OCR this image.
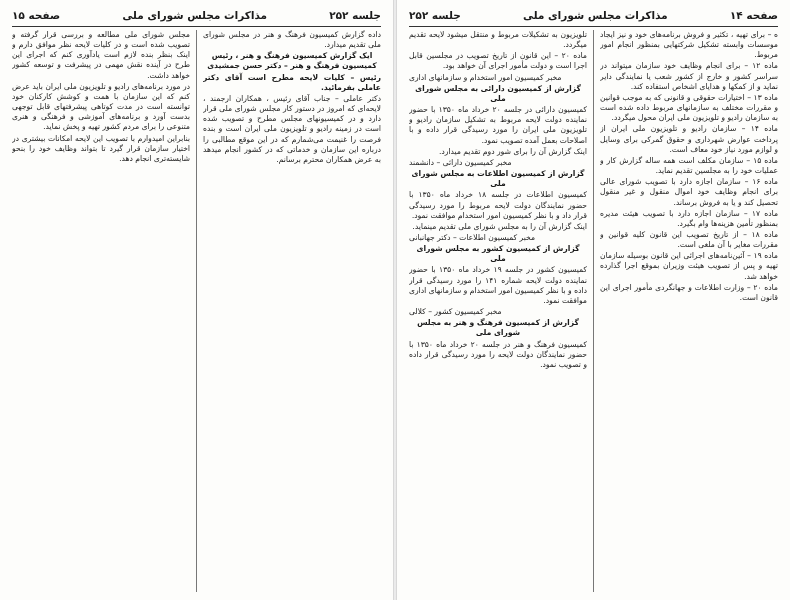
جلسه ۲۵۲
مذاکرات مجلس شورای ملی
صفحه ۱۵

داده گزارش کمیسیون فرهنگ و هنر در مجلس شورای ملی تقدیم میدارد.

ایک گزارش کمیسیون فرهنگ و هنر ، رئیس کمیسیون فرهنگ و هنر – دکتر حسن جمشیدی

رئیس – کلیات لایحه مطرح است آقای دکتر عاملی بفرمائید.

دکتر عاملی – جناب آقای رئیس ، همکاران ارجمند ، لایحه‌ای که امروز در دستور کار مجلس شورای ملی قرار دارد و در کمیسیونهای مجلس مطرح و تصویب شده است در زمینه رادیو و تلویزیون ملی ایران است و بنده فرصت را غنیمت می‌شمارم که در این موقع مطالبی را درباره این سازمان و خدماتی که در کشور انجام میدهد به عرض همکاران محترم برسانم.

مجلس شورای ملی مطالعه و بررسی قرار گرفته و تصویب شده است و در کلیات لایحه نظر موافق دارم و اینک بنظر بنده لازم است یادآوری کنم که اجرای این طرح در آینده نقش مهمی در پیشرفت و توسعه کشور خواهد داشت.

در مورد برنامه‌های رادیو و تلویزیون ملی ایران باید عرض کنم که این سازمان با همت و کوشش کارکنان خود توانسته است در مدت کوتاهی پیشرفتهای قابل توجهی بدست آورد و برنامه‌های آموزشی و فرهنگی و هنری متنوعی را برای مردم کشور تهیه و پخش نماید.

بنابراین امیدوارم با تصویب این لایحه امکانات بیشتری در اختیار سازمان قرار گیرد تا بتواند وظایف خود را بنحو شایسته‌تری انجام دهد.

صفحه ۱۴
مذاکرات مجلس شورای ملی
جلسه ۲۵۲

ه – برای تهیه ، تکثیر و فروش برنامه‌های خود و نیز ایجاد موسسات وابسته تشکیل شرکتهایی بمنظور انجام امور مربوط.

ماده ۱۲ – برای انجام وظایف خود سازمان میتواند در سراسر کشور و خارج از کشور شعب یا نمایندگی دایر نماید و از کمکها و هدایای اشخاص استفاده کند.

ماده ۱۳ – اختیارات حقوقی و قانونی که به موجب قوانین و مقررات مختلف به سازمانهای مربوط داده شده است به سازمان رادیو و تلویزیون ملی ایران محول میگردد.

ماده ۱۴ – سازمان رادیو و تلویزیون ملی ایران از پرداخت عوارض شهرداری و حقوق گمرکی برای وسایل و لوازم مورد نیاز خود معاف است.

ماده ۱۵ – سازمان مکلف است همه ساله گزارش کار و عملیات خود را به مجلسین تقدیم نماید.

ماده ۱۶ – سازمان اجازه دارد با تصویب شورای عالی برای انجام وظایف خود اموال منقول و غیر منقول تحصیل کند و یا به فروش برساند.

ماده ۱۷ – سازمان اجازه دارد با تصویب هیئت مدیره بمنظور تأمین هزینه‌ها وام بگیرد.

ماده ۱۸ – از تاریخ تصویب این قانون کلیه قوانین و مقررات مغایر با آن ملغی است.

ماده ۱۹ – آئین‌نامه‌های اجرائی این قانون بوسیله سازمان تهیه و پس از تصویب هیئت وزیران بموقع اجرا گذارده خواهد شد.

ماده ۲۰ – وزارت اطلاعات و جهانگردی مأمور اجرای این قانون است.

تلویزیون به تشکیلات مربوط و منتقل میشود لایحه تقدیم میگردد.

ماده ۲۰ – این قانون از تاریخ تصویب در مجلسین قابل اجرا است و دولت مأمور اجرای آن خواهد بود.

مخبر کمیسیون امور استخدام و سازمانهای اداری

گزارش از کمیسیون دارائی به مجلس شورای ملی

کمیسیون دارائی در جلسه ۲۰ خرداد ماه ۱۳۵۰ با حضور نماینده دولت لایحه مربوط به تشکیل سازمان رادیو و تلویزیون ملی ایران را مورد رسیدگی قرار داده و با اصلاحات بعمل آمده تصویب نمود.

اینک گزارش آن را برای شور دوم تقدیم میدارد.

مخبر کمیسیون دارائی – دانشمند

گزارش از کمیسیون اطلاعات به مجلس شورای ملی

کمیسیون اطلاعات در جلسه ۱۸ خرداد ماه ۱۳۵۰ با حضور نمایندگان دولت لایحه مربوط را مورد رسیدگی قرار داد و با نظر کمیسیون امور استخدام موافقت نمود.

اینک گزارش آن را به مجلس شورای ملی تقدیم مینماید.

مخبر کمیسیون اطلاعات – دکتر جهانبانی

گزارش از کمیسیون کشور به مجلس شورای ملی

کمیسیون کشور در جلسه ۱۹ خرداد ماه ۱۳۵۰ با حضور نماینده دولت لایحه شماره ۱۴۱ را مورد رسیدگی قرار داده و با نظر کمیسیون امور استخدام و سازمانهای اداری موافقت نمود.

مخبر کمیسیون کشور – کلالی

گزارش از کمیسیون فرهنگ و هنر به مجلس شورای ملی

کمیسیون فرهنگ و هنر در جلسه ۲۰ خرداد ماه ۱۳۵۰ با حضور نمایندگان دولت لایحه را مورد رسیدگی قرار داده و تصویب نمود.
